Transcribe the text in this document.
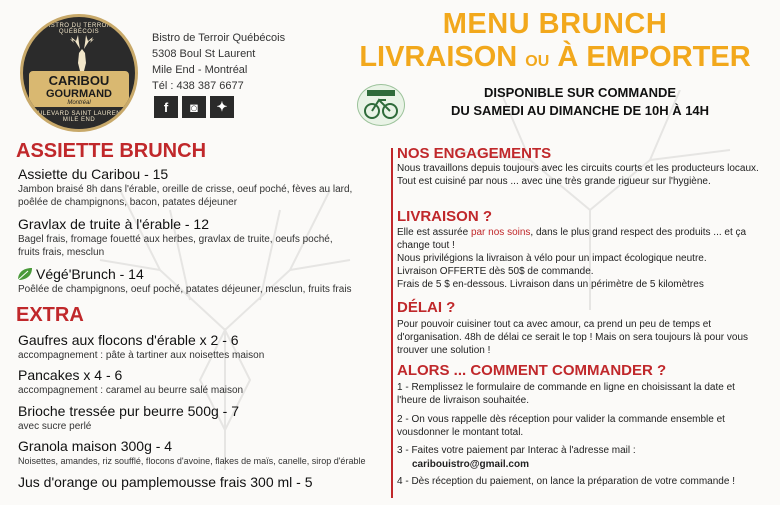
BISTRO DU TERROIR QUÉBÉCOIS
CARIBOU
GOURMAND
Montréal
BOULEVARD SAINT LAURENT · MILE END
Bistro de Terroir Québécois
5308 Boul St Laurent
Mile End - Montréal
Tél : 438 387 6677
f	◙	✦
MENU BRUNCH
LIVRAISON OU À EMPORTER
DISPONIBLE SUR COMMANDE
DU SAMEDI AU DIMANCHE DE 10H À 14H
ASSIETTE BRUNCH
Assiette du Caribou - 15
Jambon braisé 8h dans l'érable, oreille de crisse, oeuf poché, fèves au lard,
poêlée de champignons, bacon, patates déjeuner
Gravlax de truite à l'érable - 12
Bagel frais, fromage fouetté aux herbes, gravlax de truite, oeufs poché,
fruits frais, mesclun
Végé'Brunch - 14
Poêlée de champignons, oeuf poché, patates déjeuner, mesclun, fruits frais
EXTRA
Gaufres aux flocons d'érable x 2 - 6
accompagnement : pâte à tartiner aux noisettes maison
Pancakes x 4 - 6
accompagnement : caramel au beurre salé maison
Brioche tressée pur beurre 500g - 7
avec sucre perlé
Granola maison 300g - 4
Noisettes, amandes, riz soufflé, flocons d'avoine, flakes de maïs, canelle, sirop d'érable
Jus d'orange ou pamplemousse frais 300 ml - 5
NOS ENGAGEMENTS
Nous travaillons depuis toujours avec les circuits courts et les producteurs locaux. Tout est cuisiné par nous ... avec une très grande rigueur sur l'hygiène.
LIVRAISON ?
Elle est assurée par nos soins, dans le plus grand respect des produits ... et ça change tout !
Nous privilégions la livraison à vélo pour un impact écologique neutre.
Livraison OFFERTE dès 50$ de commande.
Frais de 5 $ en-dessous. Livraison dans un périmètre de 5 kilomètres
DÉLAI ?
Pour pouvoir cuisiner tout ca avec amour, ca prend un peu de temps et d'organisation. 48h de délai ce serait le top ! Mais on sera toujours là pour vous trouver une solution !
ALORS ... COMMENT COMMANDER ?
1 - Remplissez le formulaire de commande en ligne en choisissant la date et l'heure de livraison souhaitée.
2 - On vous rappelle dès réception pour valider la commande ensemble et vousdonner le montant total.
3 - Faites votre paiement par Interac à l'adresse mail :
caribouistro@gmail.com
4 - Dès réception du paiement, on lance la préparation de votre commande !
